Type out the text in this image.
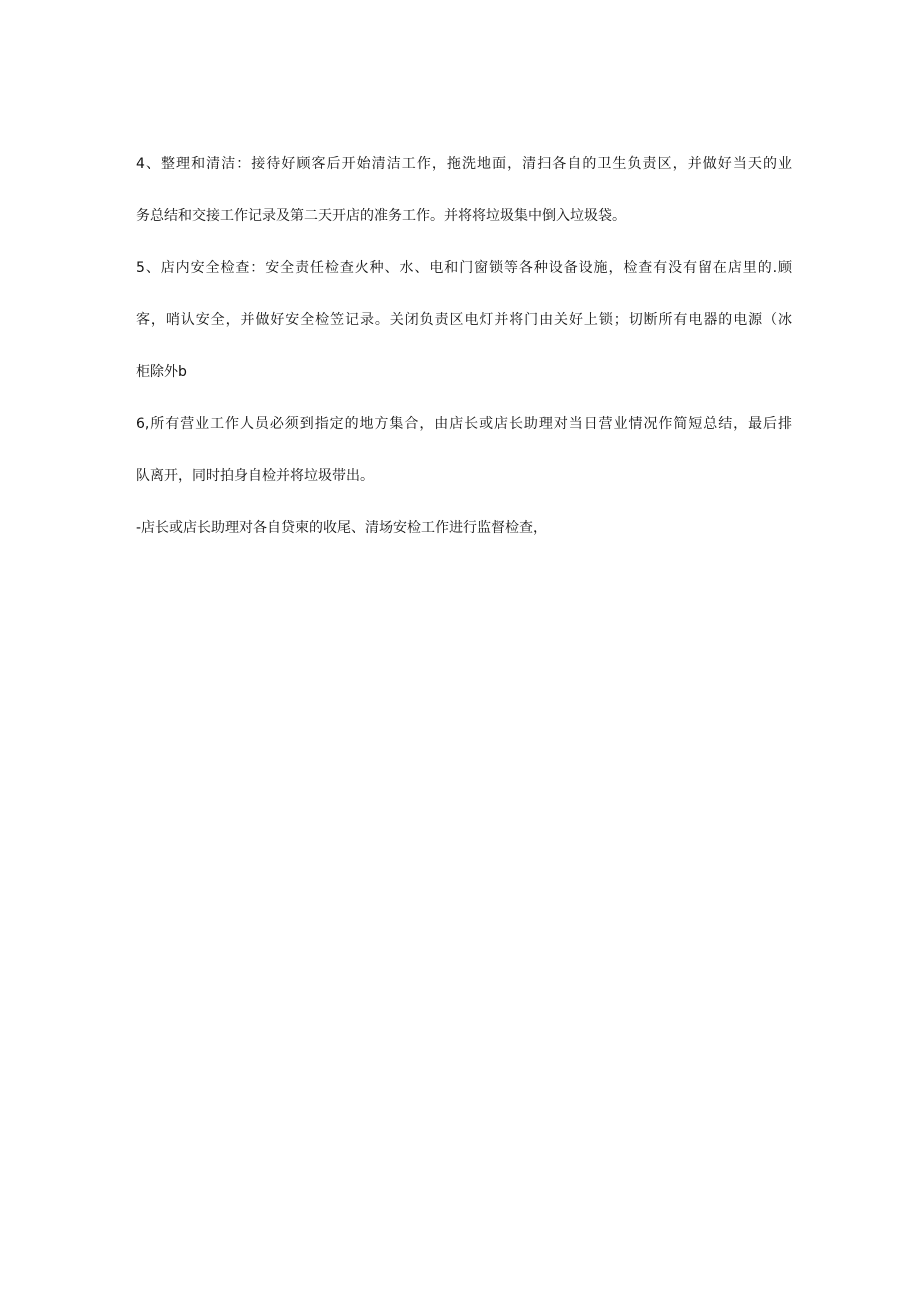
4、整理和清洁：接待好顾客后开始清洁工作，拖洗地面，清扫各自的卫生负责区，并做好当天的业
务总结和交接工作记录及第二天开店的准务工作。并将将垃圾集中倒入垃圾袋。
5、店内安全检查：安全责任检查火种、水、电和门窗锁等各种设备设施，检查有没有留在店里的.顾
客，哨认安全，并做好安全检笠记录。关闭负责区电灯并将门由关好上锁；切断所有电器的电源（冰
柜除外b
6,所有营业工作人员必须到指定的地方集合，由店长或店长助理对当日营业情况作简短总结，最后排
队离开，同时拍身自检并将垃圾带出。
-店长或店长助理对各自贷柬的收尾、清场安检工作进行监督检查，
